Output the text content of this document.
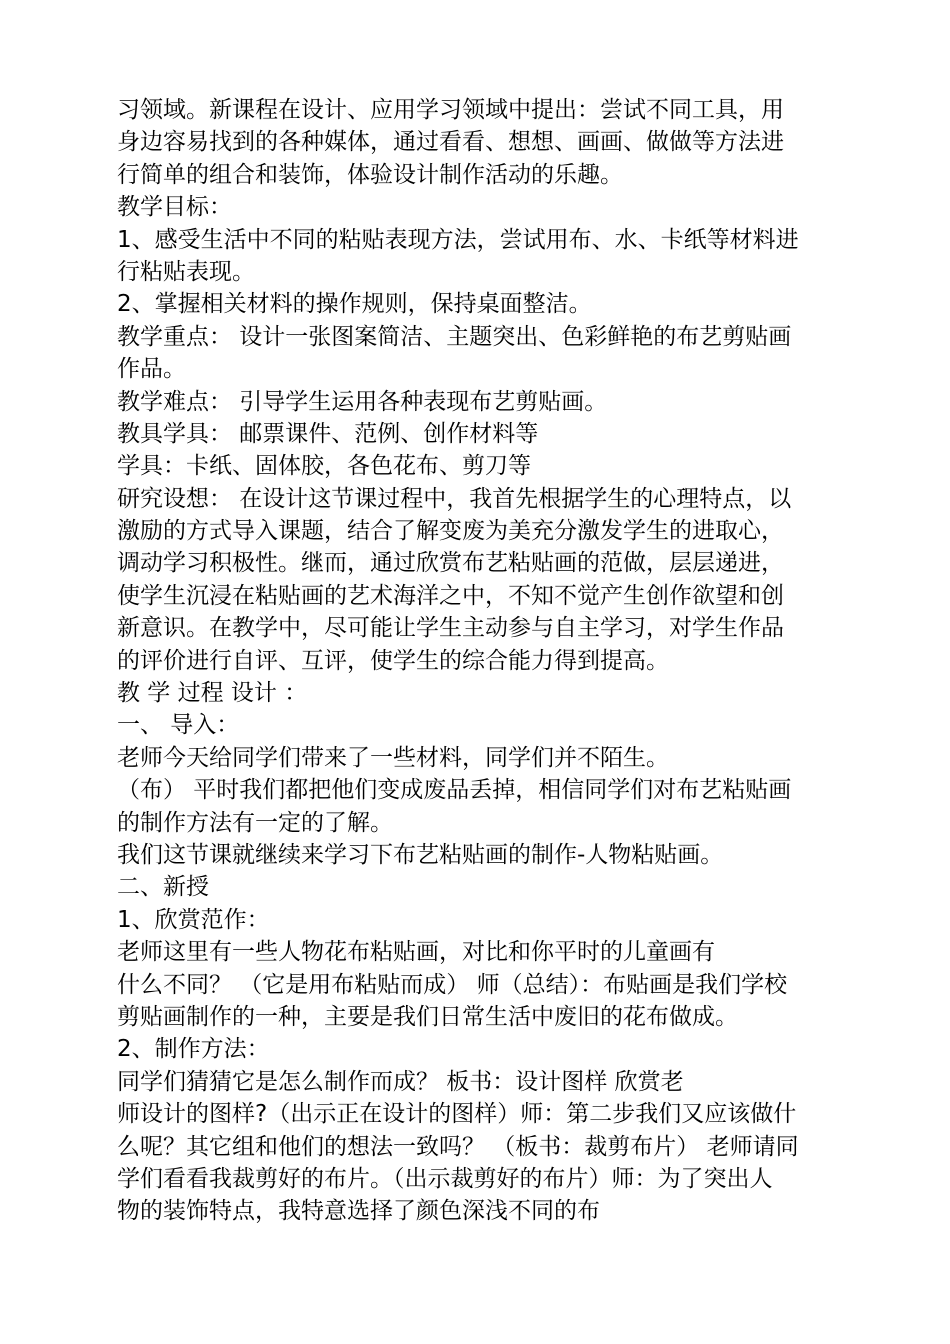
习领域。新课程在设计、应用学习领域中提出：尝试不同工具，用
身边容易找到的各种媒体，通过看看、想想、画画、做做等方法进
行简单的组合和装饰，体验设计制作活动的乐趣。
教学目标：
1、感受生活中不同的粘贴表现方法，尝试用布、水、卡纸等材料进
行粘贴表现。
2、掌握相关材料的操作规则，保持桌面整洁。
教学重点： 设计一张图案简洁、主题突出、色彩鲜艳的布艺剪贴画
作品。
教学难点： 引导学生运用各种表现布艺剪贴画。
教具学具： 邮票课件、范例、创作材料等
学具：卡纸、固体胶，各色花布、剪刀等
研究设想： 在设计这节课过程中，我首先根据学生的心理特点，以
激励的方式导入课题，结合了解变废为美充分激发学生的进取心，
调动学习积极性。继而，通过欣赏布艺粘贴画的范做，层层递进，
使学生沉浸在粘贴画的艺术海洋之中，不知不觉产生创作欲望和创
新意识。在教学中，尽可能让学生主动参与自主学习，对学生作品
的评价进行自评、互评，使学生的综合能力得到提高。
教 学 过程 设计 ：
一、 导入：
老师今天给同学们带来了一些材料，同学们并不陌生。
（布） 平时我们都把他们变成废品丢掉，相信同学们对布艺粘贴画
的制作方法有一定的了解。
我们这节课就继续来学习下布艺粘贴画的制作-人物粘贴画。
二、新授
1、欣赏范作：
老师这里有一些人物花布粘贴画，对比和你平时的儿童画有
什么不同？ （它是用布粘贴而成） 师（总结）：布贴画是我们学校
剪贴画制作的一种，主要是我们日常生活中废旧的花布做成。
2、制作方法：
同学们猜猜它是怎么制作而成？ 板书：设计图样 欣赏老
师设计的图样?（出示正在设计的图样）师：第二步我们又应该做什
么呢？其它组和他们的想法一致吗？ （板书：裁剪布片） 老师请同
学们看看我裁剪好的布片。（出示裁剪好的布片）师：为了突出人
物的装饰特点，我特意选择了颜色深浅不同的布
